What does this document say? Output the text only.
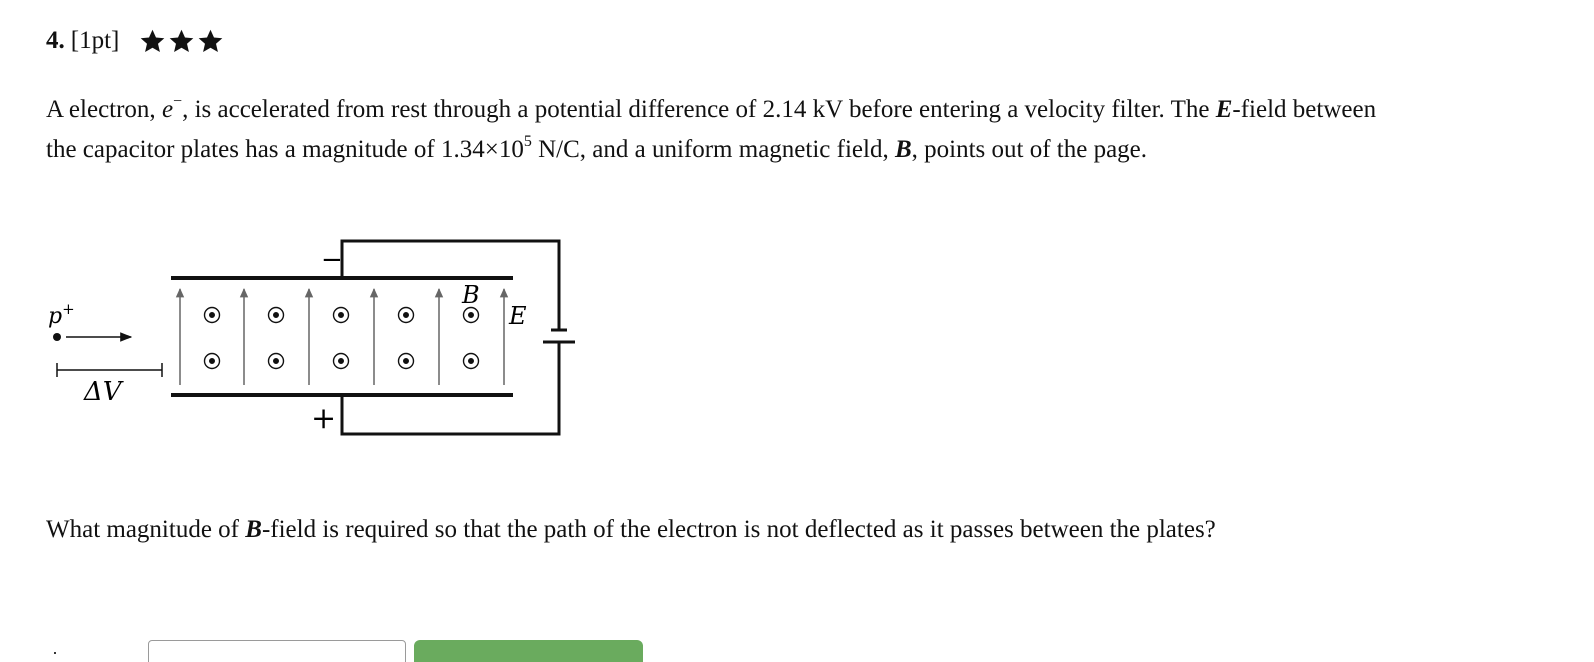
4. [1pt]
A electron, e−, is accelerated from rest through a potential difference of 2.14 kV before entering a velocity filter. The E-field between
the capacitor plates has a magnitude of $1.34\times 10^5$ N/C, and a uniform magnetic field, B, points out of the page.
−
+
B
E
p+
ΔV
What magnitude of B-field is required so that the path of the electron is not deflected as it passes between the plates?
·
